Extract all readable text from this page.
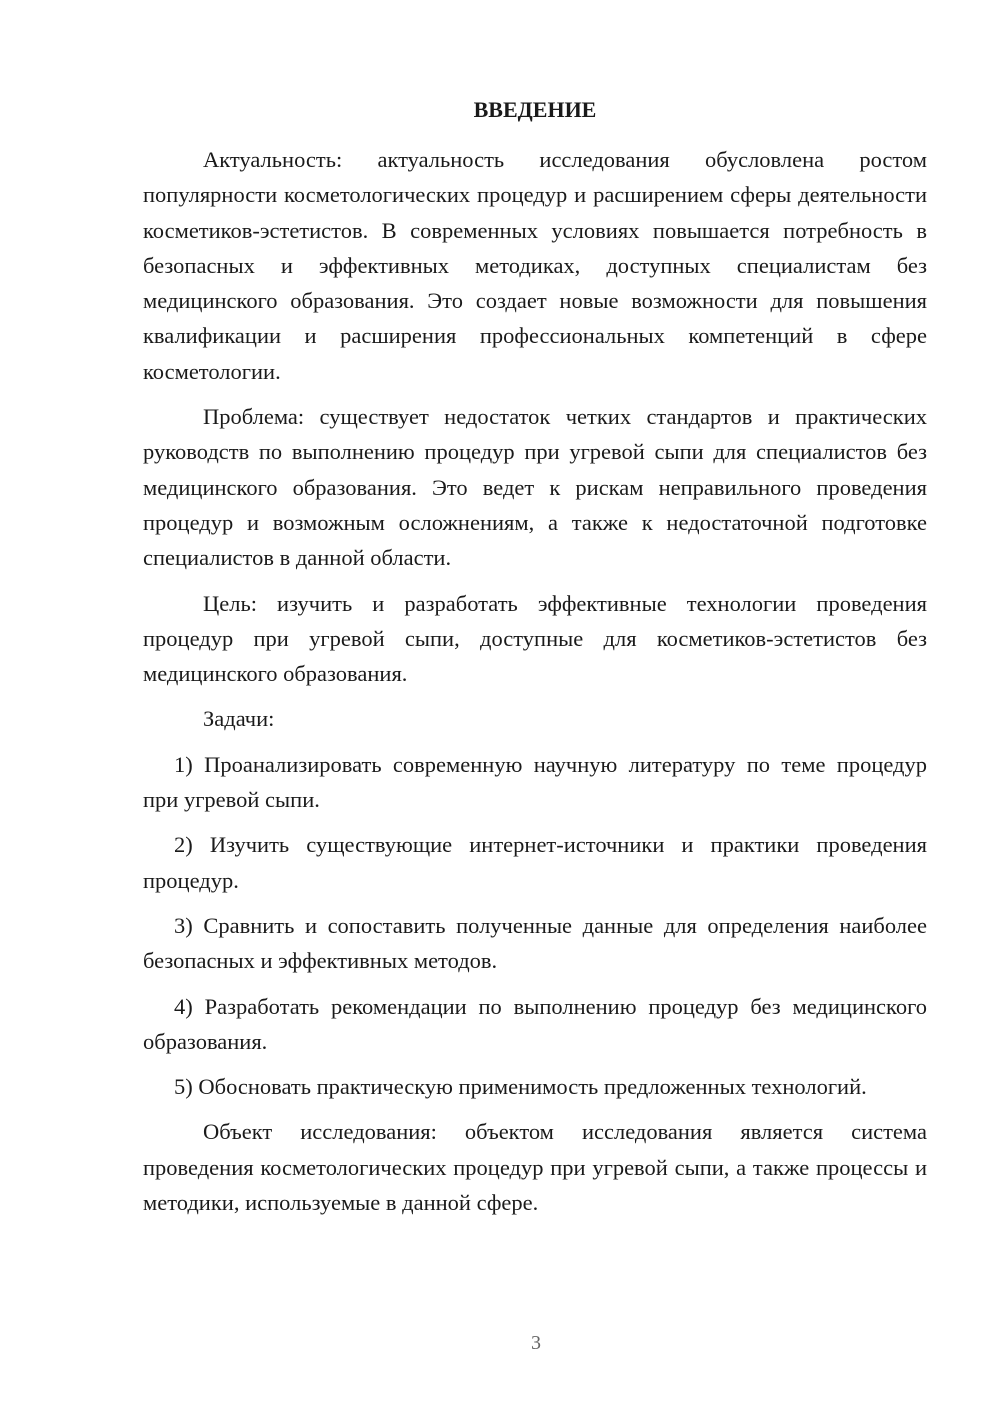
ВВЕДЕНИЕ

Актуальность: актуальность исследования обусловлена ростом популярности косметологических процедур и расширением сферы деятельности косметиков-эстетистов. В современных условиях повышается потребность в безопасных и эффективных методиках, доступных специалистам без медицинского образования. Это создает новые возможности для повышения квалификации и расширения профессиональных компетенций в сфере косметологии.

Проблема: существует недостаток четких стандартов и практических руководств по выполнению процедур при угревой сыпи для специалистов без медицинского образования. Это ведет к рискам неправильного проведения процедур и возможным осложнениям, а также к недостаточной подготовке специалистов в данной области.

Цель: изучить и разработать эффективные технологии проведения процедур при угревой сыпи, доступные для косметиков-эстетистов без медицинского образования.

Задачи:

1) Проанализировать современную научную литературу по теме процедур при угревой сыпи.

2) Изучить существующие интернет-источники и практики проведения процедур.

3) Сравнить и сопоставить полученные данные для определения наиболее безопасных и эффективных методов.

4) Разработать рекомендации по выполнению процедур без медицинского образования.

5) Обосновать практическую применимость предложенных технологий.

Объект исследования: объектом исследования является система проведения косметологических процедур при угревой сыпи, а также процессы и методики, используемые в данной сфере.

3
